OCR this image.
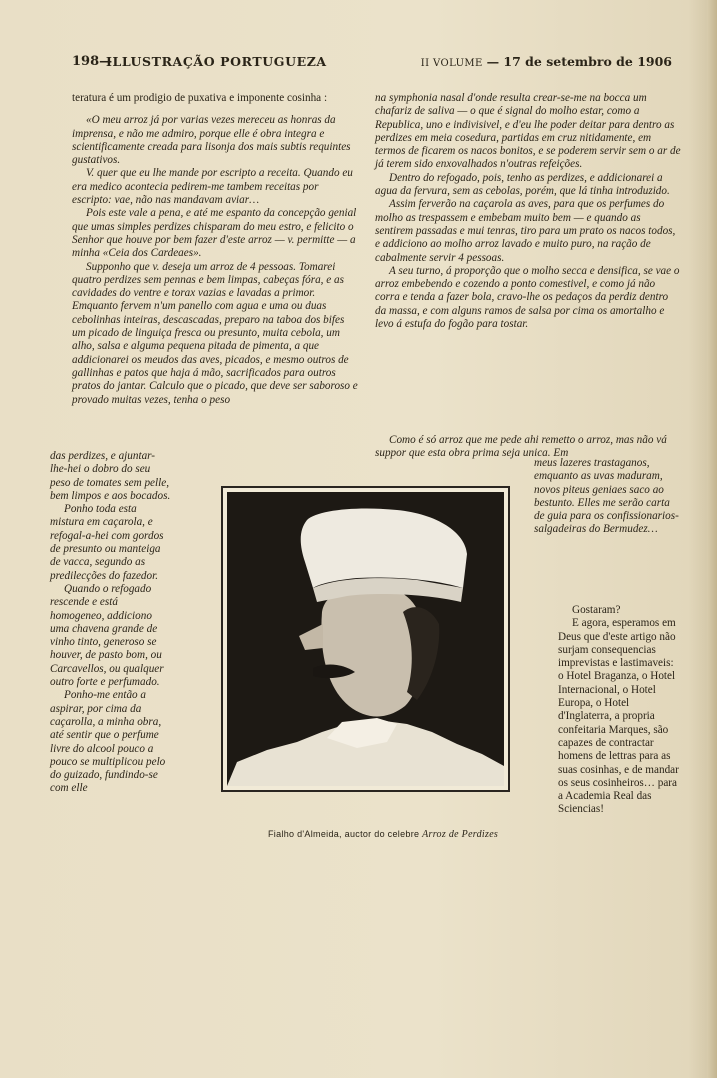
198—
ILLUSTRAÇÃO PORTUGUEZA	II VOLUME — 17 de setembro de 1906

teratura é um prodigio de puxativa e imponente cosinha :

«O meu arroz já por varias vezes mereceu as honras da imprensa, e não me admiro, porque elle é obra integra e scientificamente creada para lisonja dos mais subtis requintes gustativos.

V. quer que eu lhe mande por escripto a receita. Quando eu era medico acontecia pedirem-me tambem receitas por escripto: vae, não nas mandavam aviar…

Pois este vale a pena, e até me espanto da concepção genial que umas simples perdizes chisparam do meu estro, e felicito o Senhor que houve por bem fazer d'este arroz — v. permitte — a minha «Ceia dos Cardeaes».

Supponho que v. deseja um arroz de 4 pessoas. Tomarei quatro perdizes sem pennas e bem limpas, cabeças fóra, e as cavidades do ventre e torax vazias e lavadas a primor. Emquanto fervem n'um panello com agua e uma ou duas cebolinhas inteiras, descascadas, preparo na taboa dos bifes um picado de linguiça fresca ou presunto, muita cebola, um alho, salsa e alguma pequena pitada de pimenta, a que addicionarei os meudos das aves, picados, e mesmo outros de gallinhas e patos que haja á mão, sacrificados para outros pratos do jantar. Calculo que o picado, que deve ser saboroso e provado muitas vezes, tenha o peso

das perdizes, e ajuntar-lhe-hei o dobro do seu peso de tomates sem pelle, bem limpos e aos bocados.

Ponho toda esta mistura em caçarola, e refogal-a-hei com gordos de presunto ou manteiga de vacca, segundo as predilecções do fazedor.

Quando o refogado rescende e está homogeneo, addiciono uma chavena grande de vinho tinto, generoso se houver, de pasto bom, ou Carcavellos, ou qualquer outro forte e perfumado.

Ponho-me então a aspirar, por cima da caçarolla, a minha obra, até sentir que o perfume livre do alcool pouco a pouco se multiplicou pelo do guizado, fundindo-se com elle

na symphonia nasal d'onde resulta crear-se-me na bocca um chafariz de saliva — o que é signal do molho estar, como a Republica, uno e indivisivel, e d'eu lhe poder deitar para dentro as perdizes em meia cosedura, partidas em cruz nitidamente, em termos de ficarem os nacos bonitos, e se poderem servir sem o ar de já terem sido enxovalhados n'outras refeições.

Dentro do refogado, pois, tenho as perdizes, e addicionarei a agua da fervura, sem as cebolas, porém, que lá tinha introduzido.

Assim ferverão na caçarola as aves, para que os perfumes do molho as trespassem e embebam muito bem — e quando as sentirem passadas e mui tenras, tiro para um prato os nacos todos, e addiciono ao molho arroz lavado e muito puro, na ração de cabalmente servir 4 pessoas.

A seu turno, á proporção que o molho secca e densifica, se vae o arroz embebendo e cozendo a ponto comestivel, e como já não corra e tenda a fazer bola, cravo-lhe os pedaços da perdiz dentro da massa, e com alguns ramos de salsa por cima os amortalho e levo á estufa do fogão para tostar.

Como é só arroz que me pede ahi remetto o arroz, mas não vá suppor que esta obra prima seja unica. Em

meus lazeres trastaganos, emquanto as uvas maduram, novos piteus geniaes saco ao bestunto. Elles me serão carta de guia para os confissionarios-salgadeiras do Bermudez…

Gostaram?

E agora, esperamos em Deus que d'este artigo não surjam consequencias imprevistas e lastimaveis: o Hotel Braganza, o Hotel Internacional, o Hotel Europa, o Hotel d'Inglaterra, a propria confeitaria Marques, são capazes de contractar homens de lettras para as suas cosinhas, e de mandar os seus cosinheiros… para a Academia Real das Sciencias!

Fialho d'Almeida, auctor do celebre Arroz de Perdizes
